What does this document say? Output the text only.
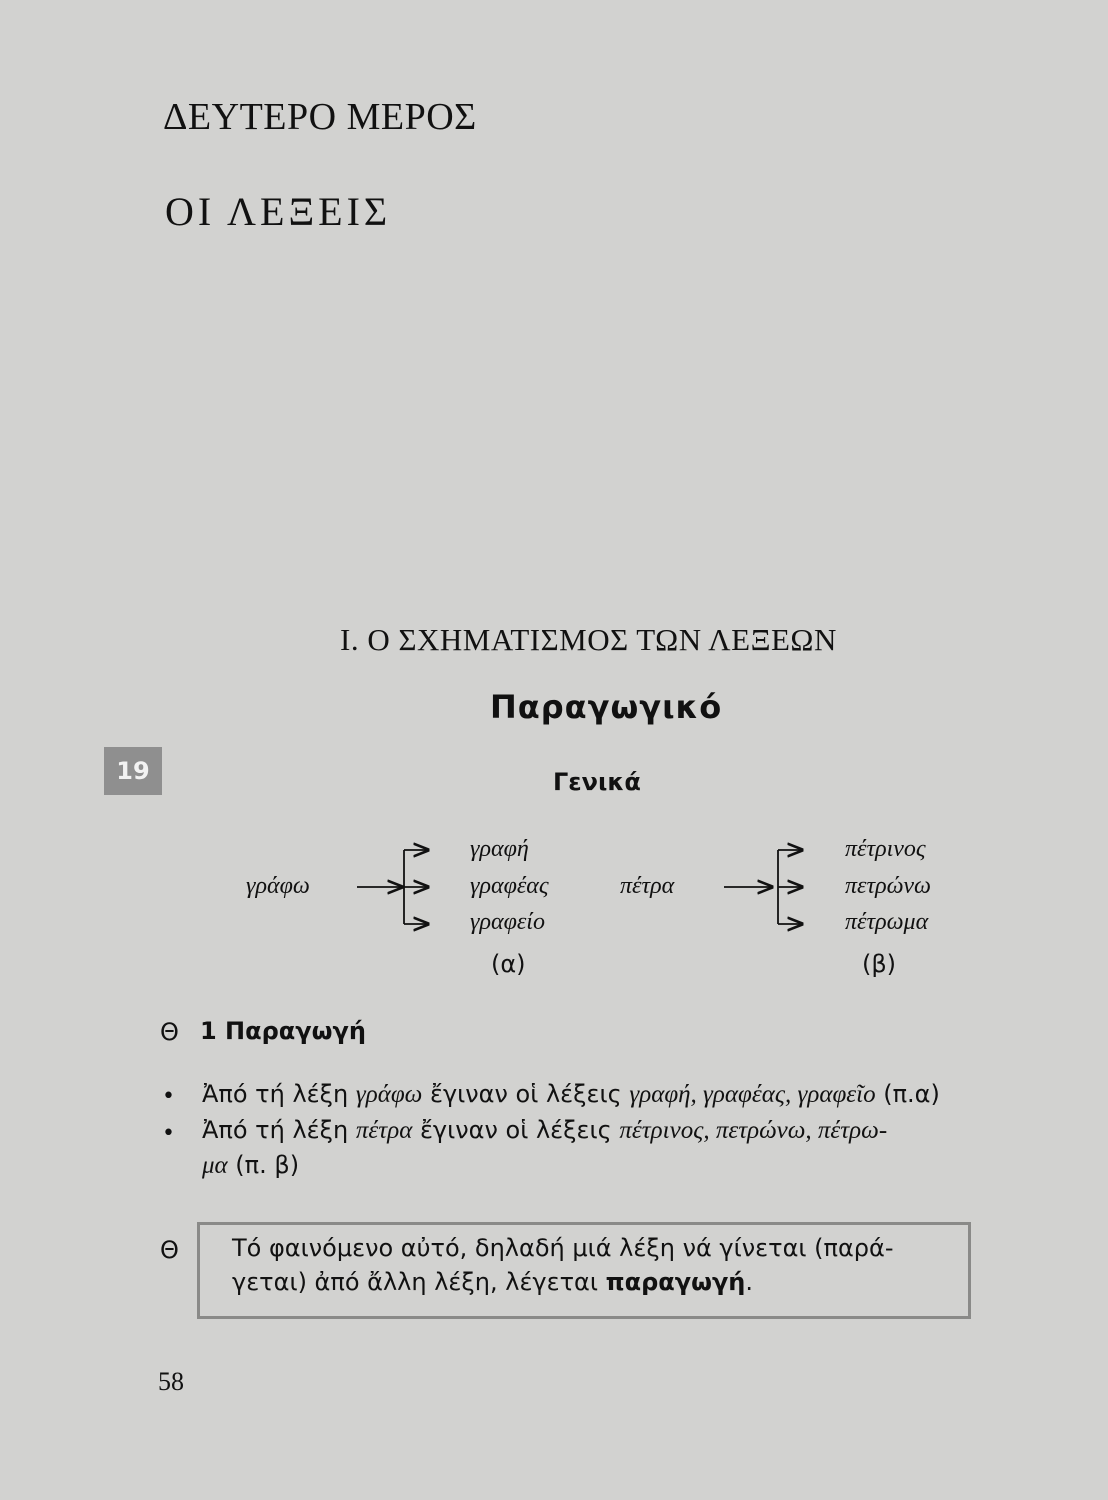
ΔΕΥΤΕΡΟ ΜΕΡΟΣ
ΟΙ ΛΕΞΕΙΣ
I. Ο ΣΧΗΜΑΤΙΣΜΟΣ ΤΩΝ ΛΕΞΕΩΝ
Παραγωγικό
19	Γενικά
γράφω
γραφή
γραφέας
γραφείο
(α)
πέτρα
πέτρινος
πετρώνω
πέτρωμα
(β)
Θ 1 Παραγωγή
• Ἀπό τή λέξη γράφω ἔγιναν οἱ λέξεις γραφή, γραφέας, γραφεῖο (π.α)
• Ἀπό τή λέξη πέτρα ἔγιναν οἱ λέξεις πέτρινος, πετρώνω, πέτρω-
μα (π. β)
Θ Τό φαινόμενο αὐτό, δηλαδή μιά λέξη νά γίνεται (παρά-
γεται) ἀπό ἄλλη λέξη, λέγεται παραγωγή.
58
